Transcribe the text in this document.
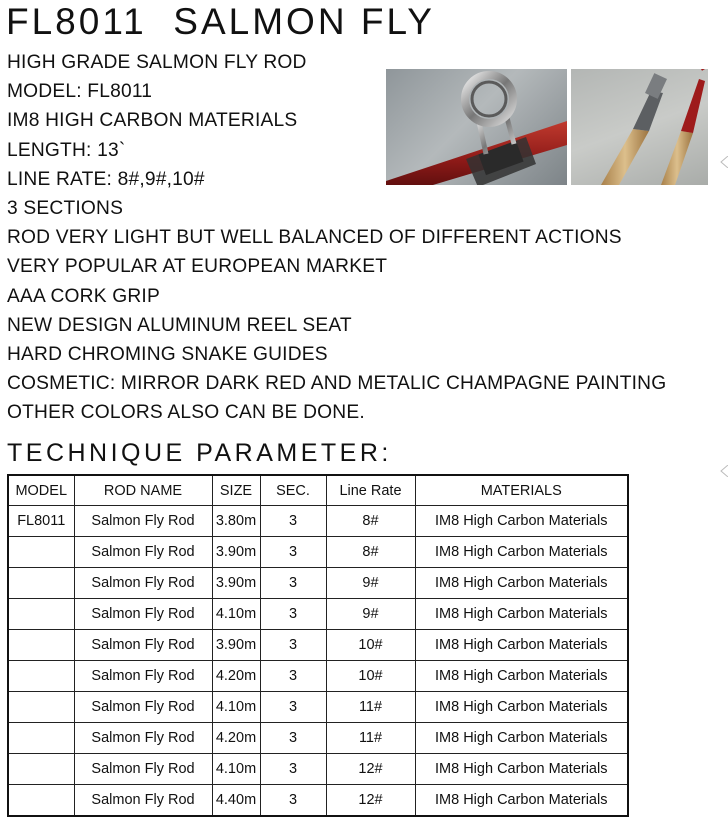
FL8011  SALMON FLY
HIGH GRADE SALMON FLY ROD
MODEL: FL8011
IM8 HIGH CARBON MATERIALS
LENGTH: 13`
LINE RATE: 8#,9#,10#
3 SECTIONS
ROD VERY LIGHT BUT WELL BALANCED OF DIFFERENT ACTIONS
VERY POPULAR AT EUROPEAN MARKET
AAA CORK GRIP
NEW DESIGN ALUMINUM REEL SEAT
HARD CHROMING SNAKE GUIDES
COSMETIC: MIRROR DARK RED AND METALIC CHAMPAGNE PAINTING
OTHER COLORS ALSO CAN BE DONE.
TECHNIQUE PARAMETER:
MODEL	ROD NAME	SIZE	SEC.	Line Rate	MATERIALS
FL8011	Salmon Fly Rod	3.80m	3	8#	IM8 High Carbon Materials
	Salmon Fly Rod	3.90m	3	8#	IM8 High Carbon Materials
	Salmon Fly Rod	3.90m	3	9#	IM8 High Carbon Materials
	Salmon Fly Rod	4.10m	3	9#	IM8 High Carbon Materials
	Salmon Fly Rod	3.90m	3	10#	IM8 High Carbon Materials
	Salmon Fly Rod	4.20m	3	10#	IM8 High Carbon Materials
	Salmon Fly Rod	4.10m	3	11#	IM8 High Carbon Materials
	Salmon Fly Rod	4.20m	3	11#	IM8 High Carbon Materials
	Salmon Fly Rod	4.10m	3	12#	IM8 High Carbon Materials
	Salmon Fly Rod	4.40m	3	12#	IM8 High Carbon Materials
